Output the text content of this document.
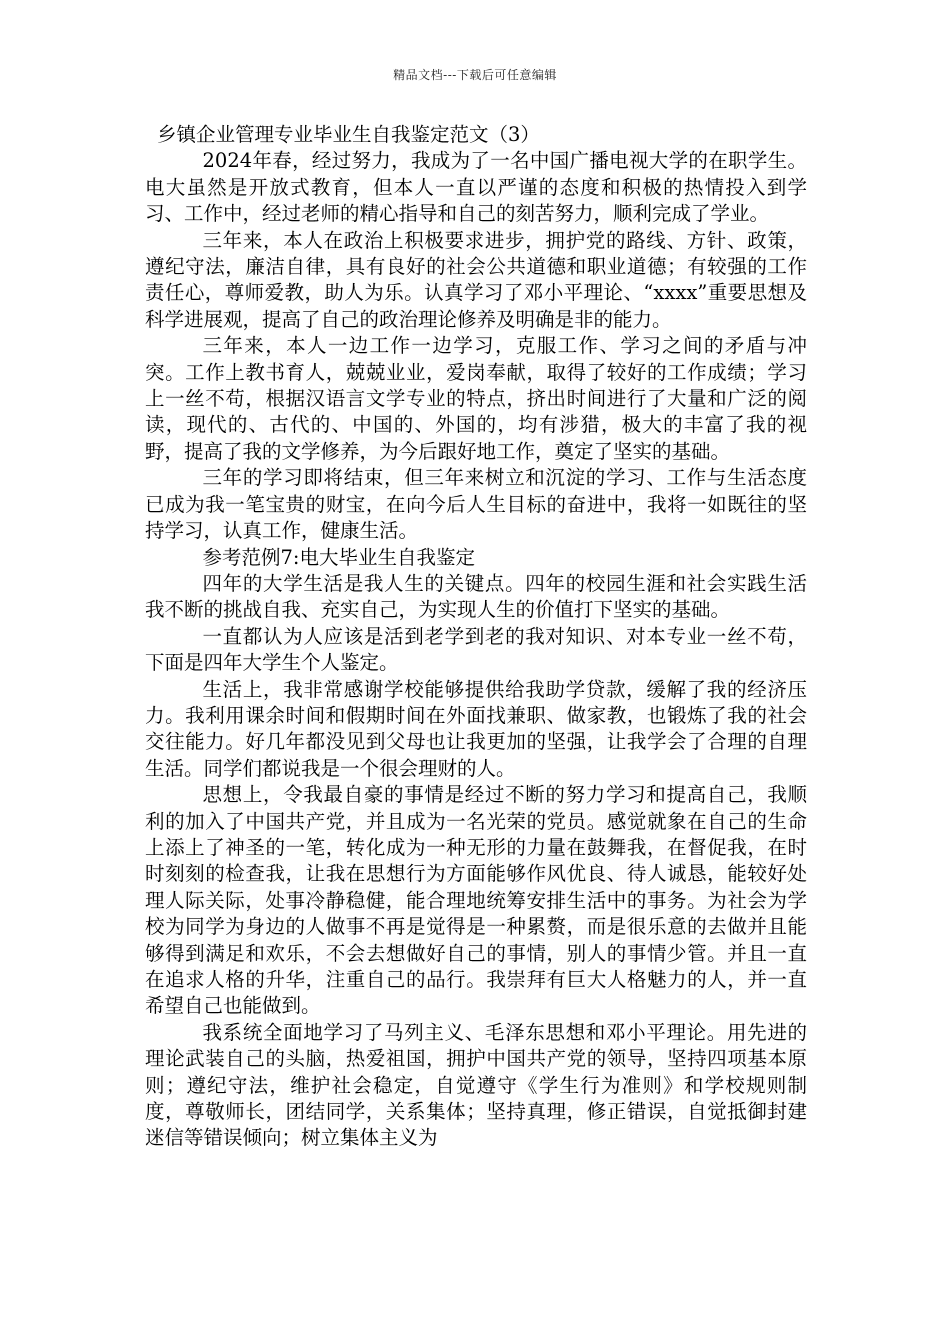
精品文档---下载后可任意编辑
乡镇企业管理专业毕业生自我鉴定范文（3）

2024年春，经过努力，我成为了一名中国广播电视大学的在职学生。电大虽然是开放式教育，但本人一直以严谨的态度和积极的热情投入到学习、工作中，经过老师的精心指导和自己的刻苦努力，顺利完成了学业。

三年来，本人在政治上积极要求进步，拥护党的路线、方针、政策，遵纪守法，廉洁自律，具有良好的社会公共道德和职业道德；有较强的工作责任心，尊师爱教，助人为乐。认真学习了邓小平理论、“xxxx”重要思想及科学进展观，提高了自己的政治理论修养及明确是非的能力。

三年来，本人一边工作一边学习，克服工作、学习之间的矛盾与冲突。工作上教书育人，兢兢业业，爱岗奉献，取得了较好的工作成绩；学习上一丝不苟，根据汉语言文学专业的特点，挤出时间进行了大量和广泛的阅读，现代的、古代的、中国的、外国的，均有涉猎，极大的丰富了我的视野，提高了我的文学修养，为今后跟好地工作，奠定了坚实的基础。

三年的学习即将结束，但三年来树立和沉淀的学习、工作与生活态度已成为我一笔宝贵的财宝，在向今后人生目标的奋进中，我将一如既往的坚持学习，认真工作，健康生活。

参考范例7:电大毕业生自我鉴定

四年的大学生活是我人生的关键点。四年的校园生涯和社会实践生活我不断的挑战自我、充实自己，为实现人生的价值打下坚实的基础。

一直都认为人应该是活到老学到老的我对知识、对本专业一丝不苟，下面是四年大学生个人鉴定。

生活上，我非常感谢学校能够提供给我助学贷款，缓解了我的经济压力。我利用课余时间和假期时间在外面找兼职、做家教，也锻炼了我的社会交往能力。好几年都没见到父母也让我更加的坚强，让我学会了合理的自理生活。同学们都说我是一个很会理财的人。

思想上，令我最自豪的事情是经过不断的努力学习和提高自己，我顺利的加入了中国共产党，并且成为一名光荣的党员。感觉就象在自己的生命上添上了神圣的一笔，转化成为一种无形的力量在鼓舞我，在督促我，在时时刻刻的检查我，让我在思想行为方面能够作风优良、待人诚恳，能较好处理人际关际，处事冷静稳健，能合理地统筹安排生活中的事务。为社会为学校为同学为身边的人做事不再是觉得是一种累赘，而是很乐意的去做并且能够得到满足和欢乐，不会去想做好自己的事情，别人的事情少管。并且一直在追求人格的升华，注重自己的品行。我崇拜有巨大人格魅力的人，并一直希望自己也能做到。

我系统全面地学习了马列主义、毛泽东思想和邓小平理论。用先进的理论武装自己的头脑，热爱祖国，拥护中国共产党的领导，坚持四项基本原则；遵纪守法，维护社会稳定，自觉遵守《学生行为准则》和学校规则制度，尊敬师长，团结同学，关系集体；坚持真理，修正错误，自觉抵御封建迷信等错误倾向；树立集体主义为
